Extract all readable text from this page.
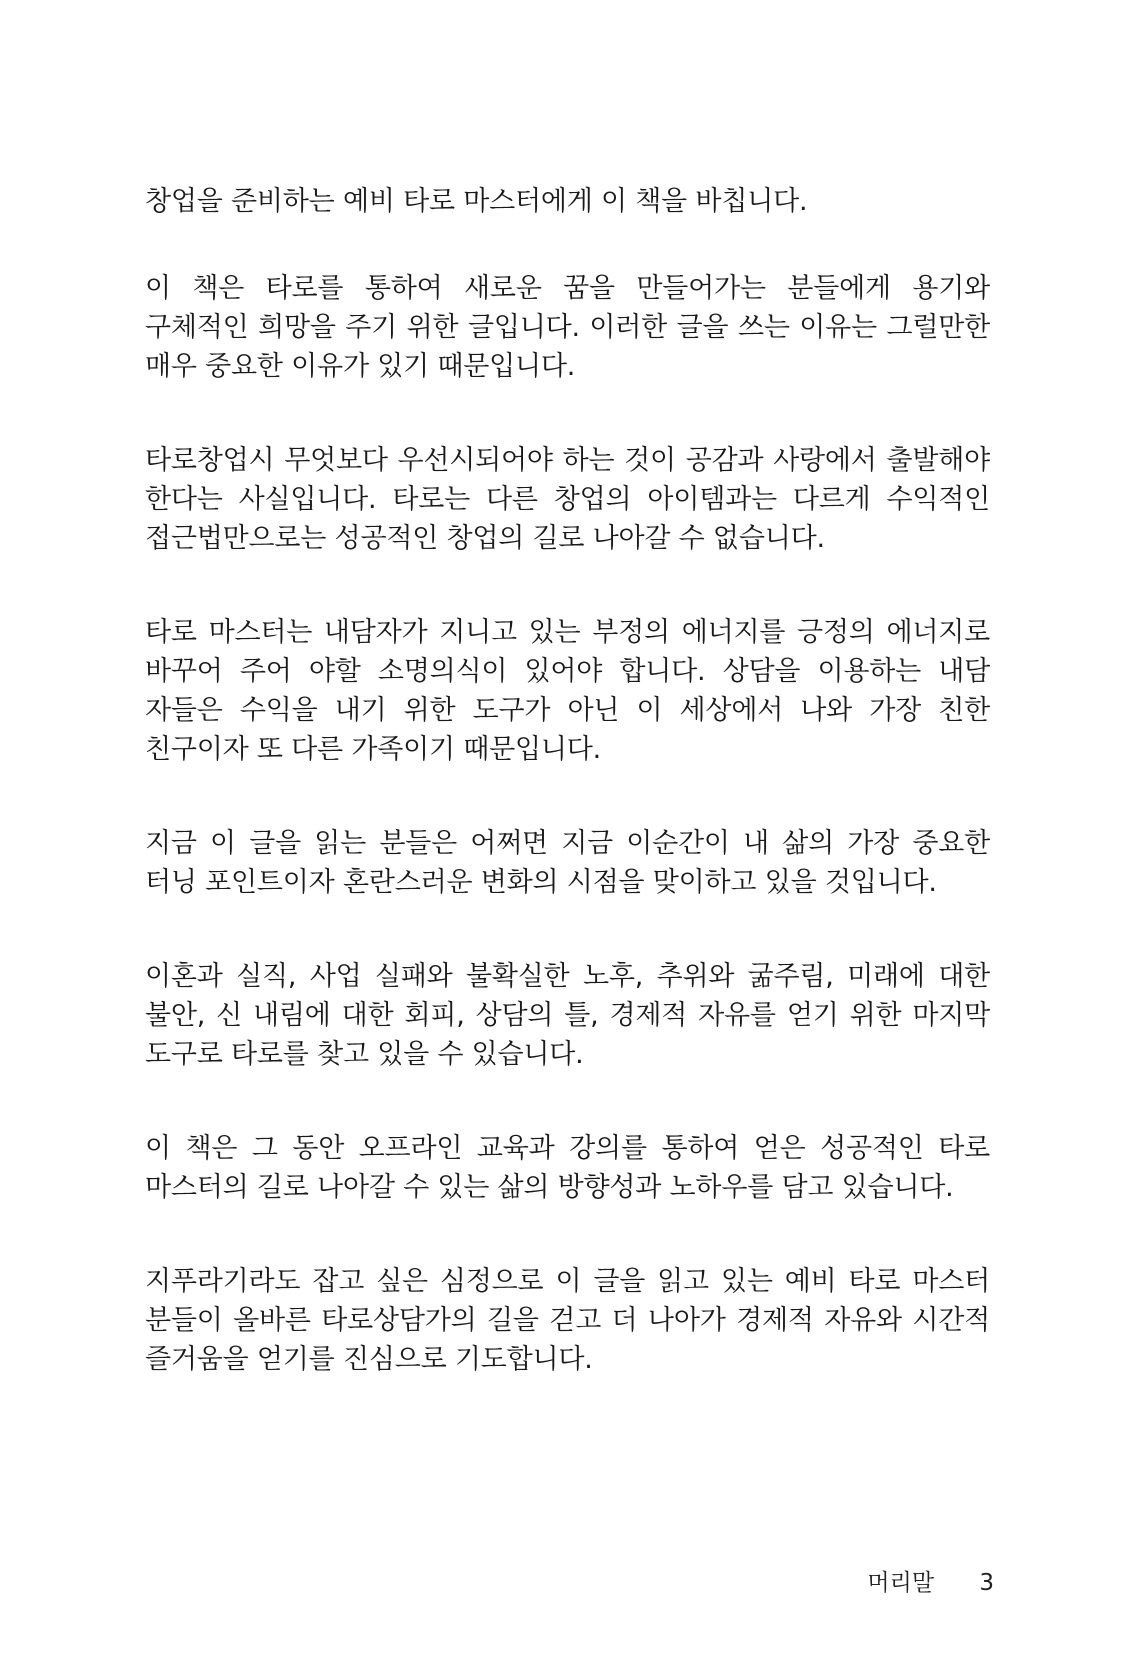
창업을 준비하는 예비 타로 마스터에게 이 책을 바칩니다.

이 책은 타로를 통하여 새로운 꿈을 만들어가는 분들에게 용기와 구체적인 희망을 주기 위한 글입니다. 이러한 글을 쓰는 이유는 그럴만한 매우 중요한 이유가 있기 때문입니다.

타로창업시 무엇보다 우선시되어야 하는 것이 공감과 사랑에서 출발해야 한다는 사실입니다. 타로는 다른 창업의 아이템과는 다르게 수익적인 접근법만으로는 성공적인 창업의 길로 나아갈 수 없습니다.

타로 마스터는 내담자가 지니고 있는 부정의 에너지를 긍정의 에너지로 바꾸어 주어 야할 소명의식이 있어야 합니다. 상담을 이용하는 내담 자들은 수익을 내기 위한 도구가 아닌 이 세상에서 나와 가장 친한 친구이자 또 다른 가족이기 때문입니다.

지금 이 글을 읽는 분들은 어쩌면 지금 이순간이 내 삶의 가장 중요한 터닝 포인트이자 혼란스러운 변화의 시점을 맞이하고 있을 것입니다.

이혼과 실직, 사업 실패와 불확실한 노후, 추위와 굶주림, 미래에 대한 불안, 신 내림에 대한 회피, 상담의 틀, 경제적 자유를 얻기 위한 마지막 도구로 타로를 찾고 있을 수 있습니다.

이 책은 그 동안 오프라인 교육과 강의를 통하여 얻은 성공적인 타로 마스터의 길로 나아갈 수 있는 삶의 방향성과 노하우를 담고 있습니다.

지푸라기라도 잡고 싶은 심정으로 이 글을 읽고 있는 예비 타로 마스터 분들이 올바른 타로상담가의 길을 걷고 더 나아가 경제적 자유와 시간적 즐거움을 얻기를 진심으로 기도합니다.

머리말 3
